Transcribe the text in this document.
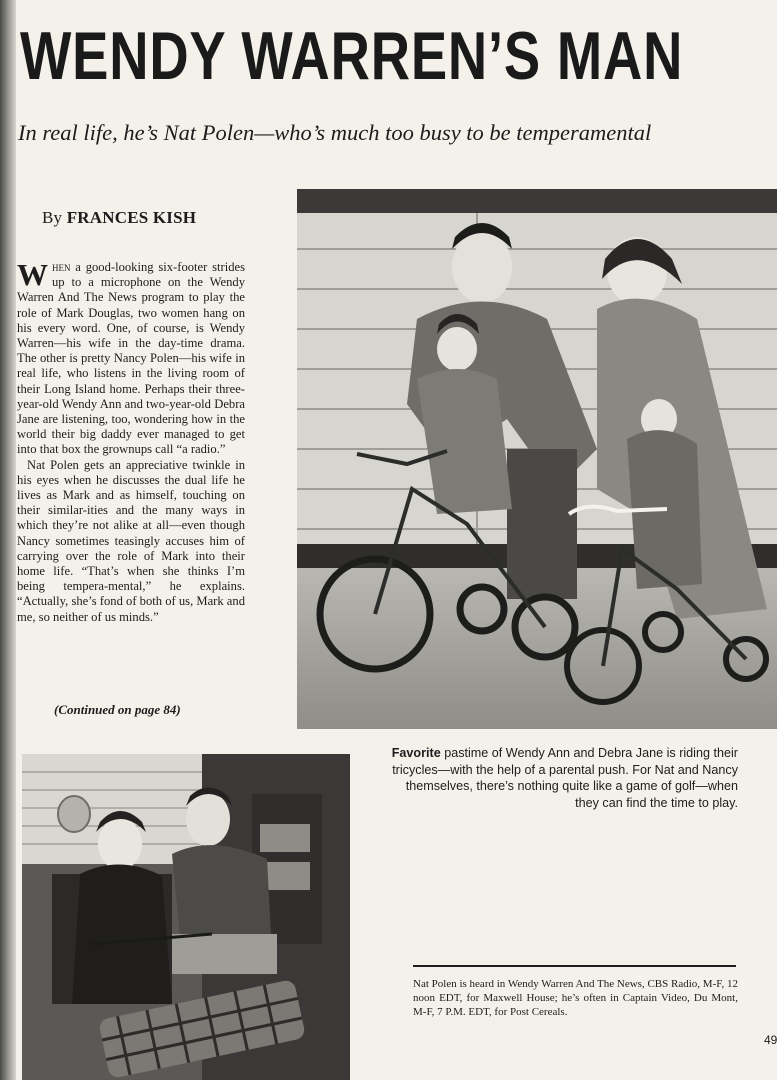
WENDY WARREN’S MAN
In real life, he’s Nat Polen—who’s much too busy to be temperamental
By FRANCES KISH

When a good-looking six-footer strides up to a microphone on the Wendy Warren And The News program to play the role of Mark Douglas, two women hang on his every word. One, of course, is Wendy Warren—his wife in the day-time drama. The other is pretty Nancy Polen—his wife in real life, who listens in the living room of their Long Island home. Perhaps their three-year-old Wendy Ann and two-year-old Debra Jane are listening, too, wondering how in the world their big daddy ever managed to get into that box the grownups call “a radio.”

Nat Polen gets an appreciative twinkle in his eyes when he discusses the dual life he lives as Mark and as himself, touching on their similar-ities and the many ways in which they’re not alike at all—even though Nancy sometimes teasingly accuses him of carrying over the role of Mark into their home life. “That’s when she thinks I’m being tempera-mental,” he explains. “Actually, she’s fond of both of us, Mark and me, so neither of us minds.”

(Continued on page 84)
Favorite pastime of Wendy Ann and Debra Jane is riding their tricycles—with the help of a parental push. For Nat and Nancy themselves, there’s nothing quite like a game of golf—when they can find the time to play.
Nat Polen is heard in Wendy Warren And The News, CBS Radio, M-F, 12 noon EDT, for Maxwell House; he’s often in Captain Video, Du Mont, M-F, 7 P.M. EDT, for Post Cereals.
49
